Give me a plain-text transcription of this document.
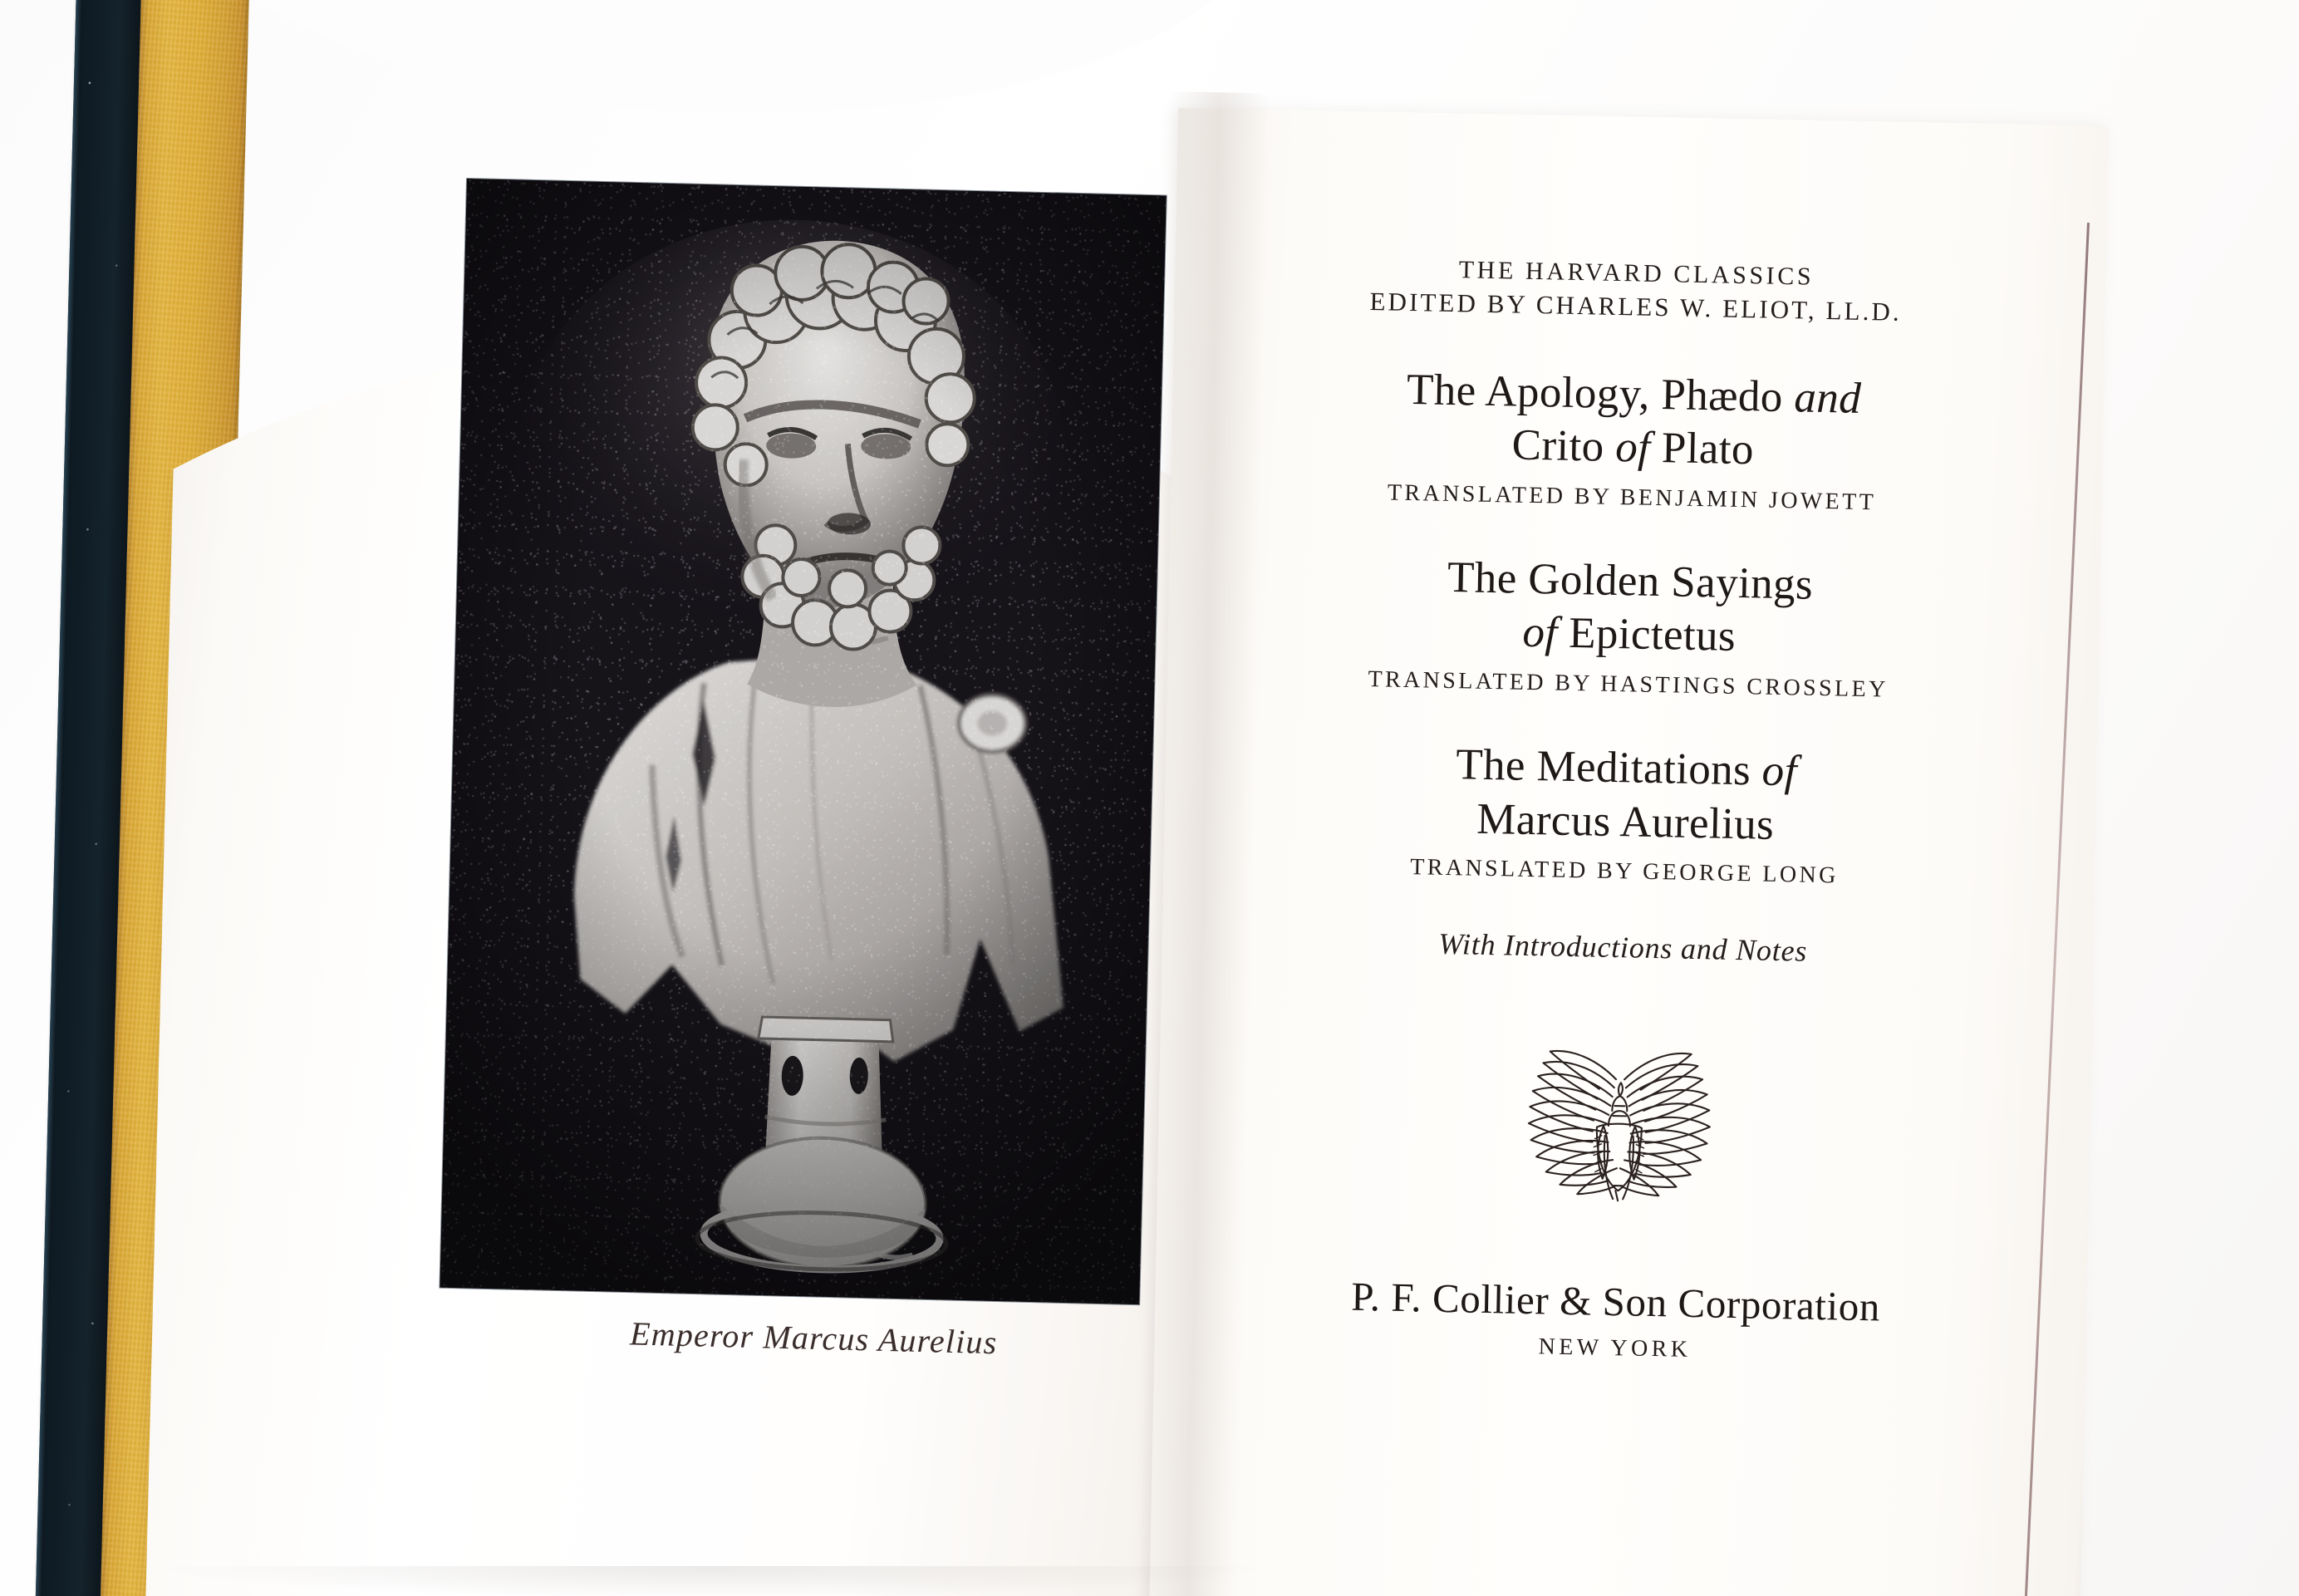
Emperor Marcus Aurelius
THE HARVARD CLASSICS
EDITED BY CHARLES W. ELIOT, LL.D.
The Apology, Phædo and
Crito of Plato
TRANSLATED BY BENJAMIN JOWETT
The Golden Sayings
of Epictetus
TRANSLATED BY HASTINGS CROSSLEY
The Meditations of
Marcus Aurelius
TRANSLATED BY GEORGE LONG
With Introductions and Notes
P. F. Collier & Son Corporation
NEW YORK
